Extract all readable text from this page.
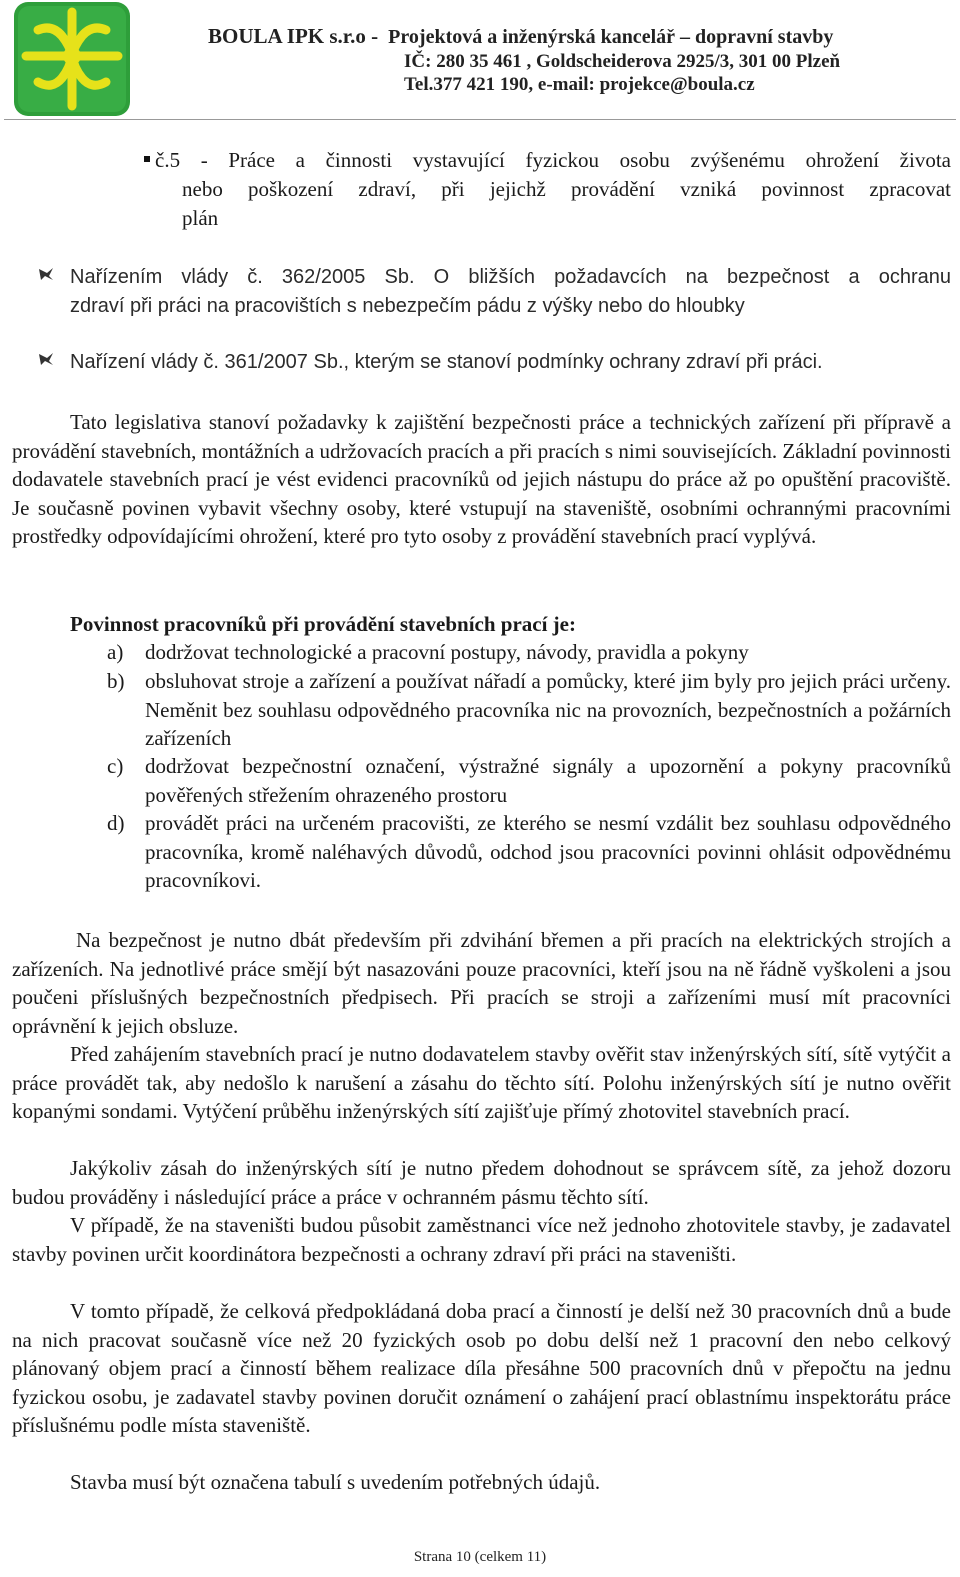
BOULA IPK s.r.o - Projektová a inženýrská kancelář – dopravní stavby
IČ: 280 35 461 , Goldscheiderova 2925/3, 301 00 Plzeň
Tel.377 421 190, e-mail: projekce@boula.cz
č.5 - Práce a činnosti vystavující fyzickou osobu zvýšenému ohrožení života
nebo poškození zdraví, při jejichž provádění vzniká povinnost zpracovat
plán
Nařízením vlády č. 362/2005 Sb. O bližších požadavcích na bezpečnost a ochranu
zdraví při práci na pracovištích s nebezpečím pádu z výšky nebo do hloubky
Nařízení vlády č. 361/2007 Sb., kterým se stanoví podmínky ochrany zdraví při práci.
Tato legislativa stanoví požadavky k zajištění bezpečnosti práce a technických zařízení při přípravě a provádění stavebních, montážních a udržovacích pracích a při pracích s nimi souvisejících. Základní povinnosti dodavatele stavebních prací je vést evidenci pracovníků od jejich nástupu do práce až po opuštění pracoviště. Je současně povinen vybavit všechny osoby, které vstupují na staveniště, osobními ochrannými pracovními prostředky odpovídajícími ohrožení, které pro tyto osoby z provádění stavebních prací vyplývá.
Povinnost pracovníků při provádění stavebních prací je:
a) dodržovat technologické a pracovní postupy, návody, pravidla a pokyny
b) obsluhovat stroje a zařízení a používat nářadí a pomůcky, které jim byly pro jejich práci určeny. Neměnit bez souhlasu odpovědného pracovníka nic na provozních, bezpečnostních a požárních zařízeních
c) dodržovat bezpečnostní označení, výstražné signály a upozornění a pokyny pracovníků pověřených střežením ohrazeného prostoru
d) provádět práci na určeném pracovišti, ze kterého se nesmí vzdálit bez souhlasu odpovědného pracovníka, kromě naléhavých důvodů, odchod jsou pracovníci povinni ohlásit odpovědnému pracovníkovi.
Na bezpečnost je nutno dbát především při zdvihání břemen a při pracích na elektrických strojích a zařízeních. Na jednotlivé práce smějí být nasazováni pouze pracovníci, kteří jsou na ně řádně vyškoleni a jsou poučeni příslušných bezpečnostních předpisech. Při pracích se stroji a zařízeními musí mít pracovníci oprávnění k jejich obsluze.
Před zahájením stavebních prací je nutno dodavatelem stavby ověřit stav inženýrských sítí, sítě vytýčit a práce provádět tak, aby nedošlo k narušení a zásahu do těchto sítí. Polohu inženýrských sítí je nutno ověřit kopanými sondami. Vytýčení průběhu inženýrských sítí zajišťuje přímý zhotovitel stavebních prací.
Jakýkoliv zásah do inženýrských sítí je nutno předem dohodnout se správcem sítě, za jehož dozoru budou prováděny i následující práce a práce v ochranném pásmu těchto sítí.
V případě, že na staveništi budou působit zaměstnanci více než jednoho zhotovitele stavby, je zadavatel stavby povinen určit koordinátora bezpečnosti a ochrany zdraví při práci na staveništi.
V tomto případě, že celková předpokládaná doba prací a činností je delší než 30 pracovních dnů a bude na nich pracovat současně více než 20 fyzických osob po dobu delší než 1 pracovní den nebo celkový plánovaný objem prací a činností během realizace díla přesáhne 500 pracovních dnů v přepočtu na jednu fyzickou osobu, je zadavatel stavby povinen doručit oznámení o zahájení prací oblastnímu inspektorátu práce příslušnému podle místa staveniště.
Stavba musí být označena tabulí s uvedením potřebných údajů.
Strana 10 (celkem 11)
